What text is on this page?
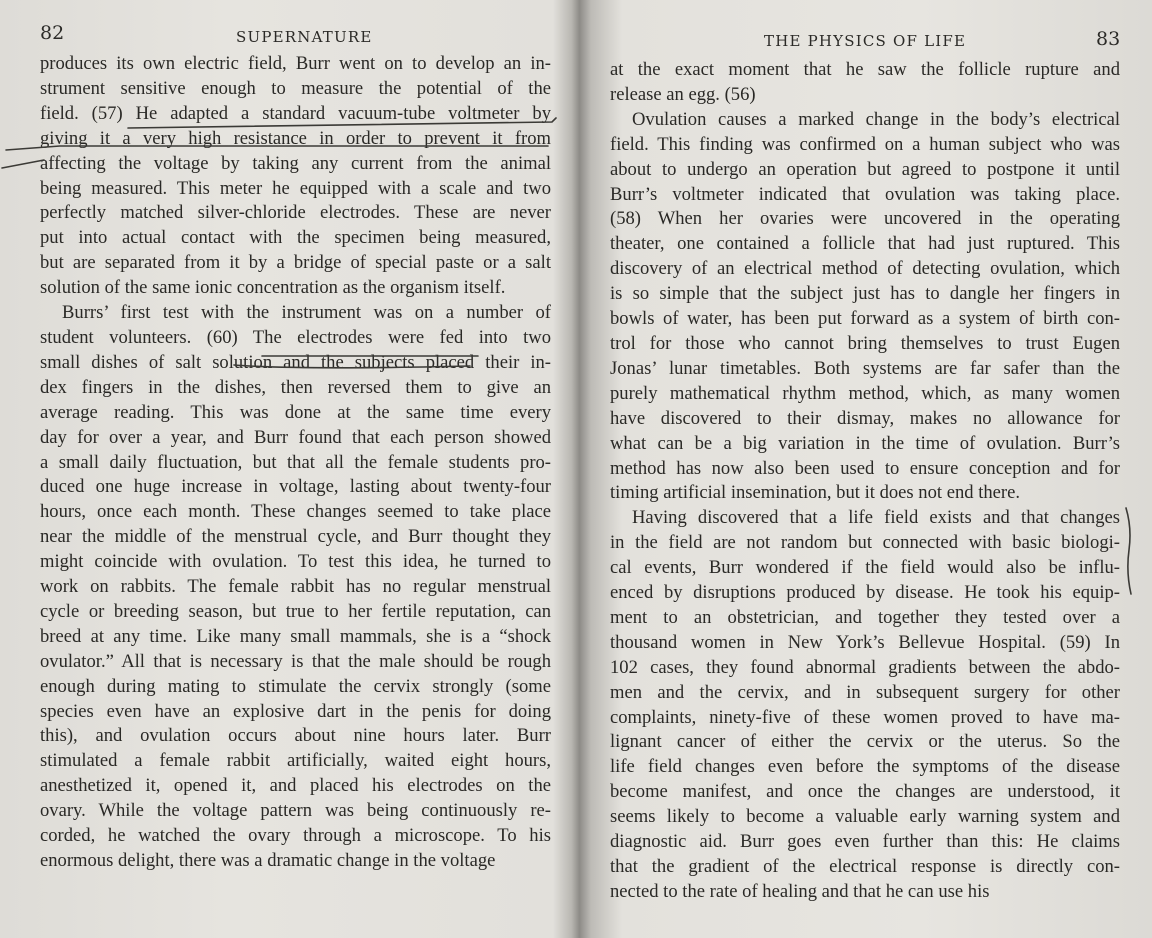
82	SUPERNATURE

produces its own electric field, Burr went on to develop an in-
strument sensitive enough to measure the potential of the
field. (57) He adapted a standard vacuum-tube voltmeter by
giving it a very high resistance in order to prevent it from
affecting the voltage by taking any current from the animal
being measured. This meter he equipped with a scale and two
perfectly matched silver-chloride electrodes. These are never
put into actual contact with the specimen being measured,
but are separated from it by a bridge of special paste or a salt
solution of the same ionic concentration as the organism itself.

Burrs’ first test with the instrument was on a number of
student volunteers. (60) The electrodes were fed into two
small dishes of salt solution and the subjects placed their in-
dex fingers in the dishes, then reversed them to give an
average reading. This was done at the same time every
day for over a year, and Burr found that each person showed
a small daily fluctuation, but that all the female students pro-
duced one huge increase in voltage, lasting about twenty-four
hours, once each month. These changes seemed to take place
near the middle of the menstrual cycle, and Burr thought they
might coincide with ovulation. To test this idea, he turned to
work on rabbits. The female rabbit has no regular menstrual
cycle or breeding season, but true to her fertile reputation, can
breed at any time. Like many small mammals, she is a “shock
ovulator.” All that is necessary is that the male should be rough
enough during mating to stimulate the cervix strongly (some
species even have an explosive dart in the penis for doing
this), and ovulation occurs about nine hours later. Burr
stimulated a female rabbit artificially, waited eight hours,
anesthetized it, opened it, and placed his electrodes on the
ovary. While the voltage pattern was being continuously re-
corded, he watched the ovary through a microscope. To his
enormous delight, there was a dramatic change in the voltage

THE PHYSICS OF LIFE	83

at the exact moment that he saw the follicle rupture and
release an egg. (56)

Ovulation causes a marked change in the body’s electrical
field. This finding was confirmed on a human subject who was
about to undergo an operation but agreed to postpone it until
Burr’s voltmeter indicated that ovulation was taking place.
(58) When her ovaries were uncovered in the operating
theater, one contained a follicle that had just ruptured. This
discovery of an electrical method of detecting ovulation, which
is so simple that the subject just has to dangle her fingers in
bowls of water, has been put forward as a system of birth con-
trol for those who cannot bring themselves to trust Eugen
Jonas’ lunar timetables. Both systems are far safer than the
purely mathematical rhythm method, which, as many women
have discovered to their dismay, makes no allowance for
what can be a big variation in the time of ovulation. Burr’s
method has now also been used to ensure conception and for
timing artificial insemination, but it does not end there.

Having discovered that a life field exists and that changes
in the field are not random but connected with basic biologi-
cal events, Burr wondered if the field would also be influ-
enced by disruptions produced by disease. He took his equip-
ment to an obstetrician, and together they tested over a
thousand women in New York’s Bellevue Hospital. (59) In
102 cases, they found abnormal gradients between the abdo-
men and the cervix, and in subsequent surgery for other
complaints, ninety-five of these women proved to have ma-
lignant cancer of either the cervix or the uterus. So the
life field changes even before the symptoms of the disease
become manifest, and once the changes are understood, it
seems likely to become a valuable early warning system and
diagnostic aid. Burr goes even further than this: He claims
that the gradient of the electrical response is directly con-
nected to the rate of healing and that he can use his
